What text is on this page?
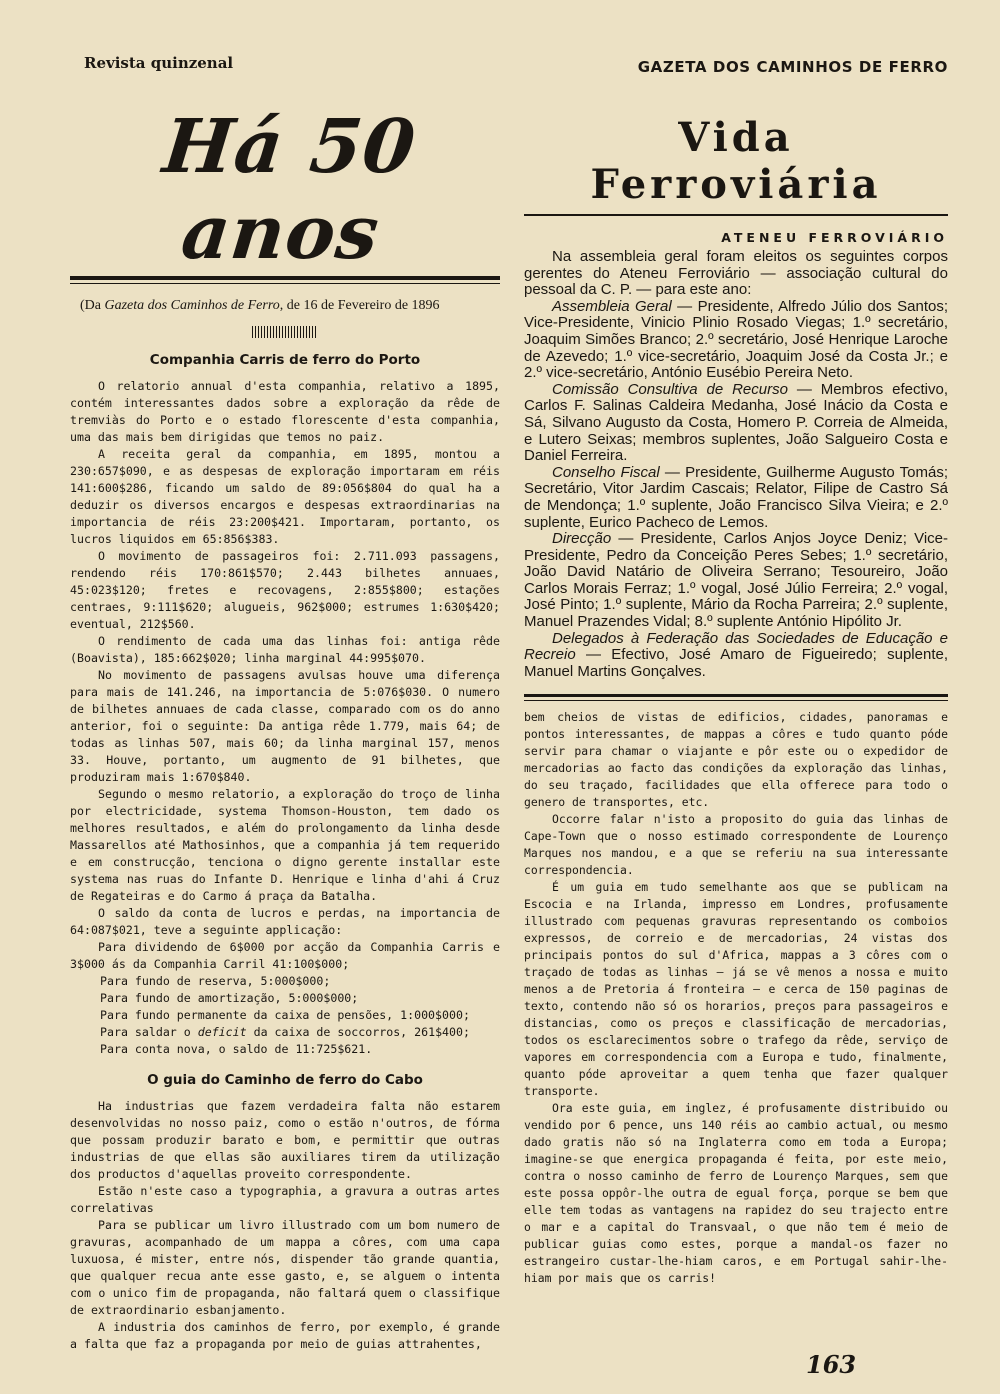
Revista quinzenal	GAZETA DOS CAMINHOS DE FERRO
Há 50 anos
(Da Gazeta dos Caminhos de Ferro, de 16 de Fevereiro de 1896
Companhia Carris de ferro do Porto

O relatorio annual d'esta companhia, relativo a 1895, contém interessantes dados sobre a exploração da rêde de tremviàs do Porto e o estado florescente d'esta companhia, uma das mais bem dirigidas que temos no paiz.

A receita geral da companhia, em 1895, montou a 230:657$090, e as despesas de exploração importaram em réis 141:600$286, ficando um saldo de 89:056$804 do qual ha a deduzir os diversos encargos e despesas extraordinarias na importancia de réis 23:200$421. Importaram, portanto, os lucros liquidos em 65:856$383.

O movimento de passageiros foi: 2.711.093 passagens, rendendo réis 170:861$570; 2.443 bilhetes annuaes, 45:023$120; fretes e recovagens, 2:855$800; estações centraes, 9:111$620; alugueis, 962$000; estrumes 1:630$420; eventual, 212$560.

O rendimento de cada uma das linhas foi: antiga rêde (Boavista), 185:662$020; linha marginal 44:995$070.

No movimento de passagens avulsas houve uma diferença para mais de 141.246, na importancia de 5:076$030. O numero de bilhetes annuaes de cada classe, comparado com os do anno anterior, foi o seguinte: Da antiga rêde 1.779, mais 64; de todas as linhas 507, mais 60; da linha marginal 157, menos 33. Houve, portanto, um augmento de 91 bilhetes, que produziram mais 1:670$840.

Segundo o mesmo relatorio, a exploração do troço de linha por electricidade, systema Thomson-Houston, tem dado os melhores resultados, e além do prolongamento da linha desde Massarellos até Mathosinhos, que a companhia já tem requerido e em construcção, tenciona o digno gerente installar este systema nas ruas do Infante D. Henrique e linha d'ahi á Cruz de Regateiras e do Carmo á praça da Batalha.

O saldo da conta de lucros e perdas, na importancia de 64:087$021, teve a seguinte applicação:

Para dividendo de 6$000 por acção da Companhia Carris e 3$000 ás da Companhia Carril 41:100$000;

Para fundo de reserva, 5:000$000;

Para fundo de amortização, 5:000$000;

Para fundo permanente da caixa de pensões, 1:000$000;

Para saldar o deficit da caixa de soccorros, 261$400;

Para conta nova, o saldo de 11:725$621.

O guia do Caminho de ferro do Cabo

Ha industrias que fazem verdadeira falta não estarem desenvolvidas no nosso paiz, como o estão n'outros, de fórma que possam produzir barato e bom, e permittir que outras industrias de que ellas são auxiliares tirem da utilização dos productos d'aquellas proveito correspondente.

Estão n'este caso a typographia, a gravura a outras artes correlativas

Para se publicar um livro illustrado com um bom numero de gravuras, acompanhado de um mappa a côres, com uma capa luxuosa, é mister, entre nós, dispender tão grande quantia, que qualquer recua ante esse gasto, e, se alguem o intenta com o unico fim de propaganda, não faltará quem o classifique de extraordinario esbanjamento.

A industria dos caminhos de ferro, por exemplo, é grande a falta que faz a propaganda por meio de guias attrahentes,

Vida Ferroviária
ATENEU FERROVIÁRIO

Na assembleia geral foram eleitos os seguintes corpos gerentes do Ateneu Ferroviário — associação cultural do pessoal da C. P. — para este ano:

Assembleia Geral — Presidente, Alfredo Júlio dos Santos; Vice-Presidente, Vinicio Plinio Rosado Viegas; 1.º secretário, Joaquim Simões Branco; 2.º secretário, José Henrique Laroche de Azevedo; 1.º vice-secretário, Joaquim José da Costa Jr.; e 2.º vice-secretário, António Eusébio Pereira Neto.

Comissão Consultiva de Recurso — Membros efectivo, Carlos F. Salinas Caldeira Medanha, José Inácio da Costa e Sá, Silvano Augusto da Costa, Homero P. Correia de Almeida, e Lutero Seixas; membros suplentes, João Salgueiro Costa e Daniel Ferreira.

Conselho Fiscal — Presidente, Guilherme Augusto Tomás; Secretário, Vitor Jardim Cascais; Relator, Filipe de Castro Sá de Mendonça; 1.º suplente, João Francisco Silva Vieira; e 2.º suplente, Eurico Pacheco de Lemos.

Direcção — Presidente, Carlos Anjos Joyce Deniz; Vice-Presidente, Pedro da Conceição Peres Sebes; 1.º secretário, João David Natário de Oliveira Serrano; Tesoureiro, João Carlos Morais Ferraz; 1.º vogal, José Júlio Ferreira; 2.º vogal, José Pinto; 1.º suplente, Mário da Rocha Parreira; 2.º suplente, Manuel Prazendes Vidal; 8.º suplente António Hipólito Jr.

Delegados à Federação das Sociedades de Educação e Recreio — Efectivo, José Amaro de Figueiredo; suplente, Manuel Martins Gonçalves.

bem cheios de vistas de edificios, cidades, panoramas e pontos interessantes, de mappas a côres e tudo quanto póde servir para chamar o viajante e pôr este ou o expedidor de mercadorias ao facto das condições da exploração das linhas, do seu traçado, facilidades que ella offerece para todo o genero de transportes, etc.

Occorre falar n'isto a proposito do guia das linhas de Cape-Town que o nosso estimado correspondente de Lourenço Marques nos mandou, e a que se referiu na sua interessante correspondencia.

É um guia em tudo semelhante aos que se publicam na Escocia e na Irlanda, impresso em Londres, profusamente illustrado com pequenas gravuras representando os comboios expressos, de correio e de mercadorias, 24 vistas dos principais pontos do sul d'Africa, mappas a 3 côres com o traçado de todas as linhas — já se vê menos a nossa e muito menos a de Pretoria á fronteira — e cerca de 150 paginas de texto, contendo não só os horarios, preços para passageiros e distancias, como os preços e classificação de mercadorias, todos os esclarecimentos sobre o trafego da rêde, serviço de vapores em correspondencia com a Europa e tudo, finalmente, quanto póde aproveitar a quem tenha que fazer qualquer transporte.

Ora este guia, em inglez, é profusamente distribuido ou vendido por 6 pence, uns 140 réis ao cambio actual, ou mesmo dado gratis não só na Inglaterra como em toda a Europa; imagine-se que energica propaganda é feita, por este meio, contra o nosso caminho de ferro de Lourenço Marques, sem que este possa oppôr-lhe outra de egual força, porque se bem que elle tem todas as vantagens na rapidez do seu trajecto entre o mar e a capital do Transvaal, o que não tem é meio de publicar guias como estes, porque a mandal-os fazer no estrangeiro custar-lhe-hiam caros, e em Portugal sahir-lhe-hiam por mais que os carris!

163
